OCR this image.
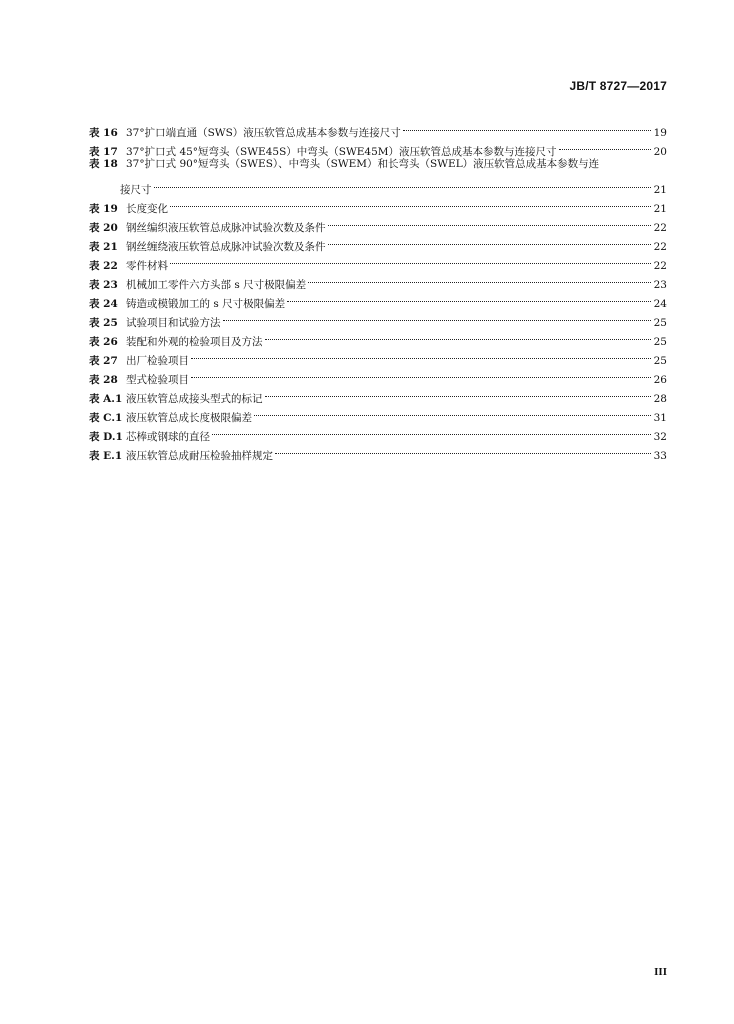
JB/T 8727—2017
表 16 37°扩口端直通（SWS）液压软管总成基本参数与连接尺寸	19
表 17 37°扩口式 45°短弯头（SWE45S）中弯头（SWE45M）液压软管总成基本参数与连接尺寸	20
表 18 37°扩口式 90°短弯头（SWES）、中弯头（SWEM）和长弯头（SWEL）液压软管总成基本参数与连
接尺寸	21
表 19 长度变化	21
表 20 钢丝编织液压软管总成脉冲试验次数及条件	22
表 21 钢丝缠绕液压软管总成脉冲试验次数及条件	22
表 22 零件材料	22
表 23 机械加工零件六方头部 s 尺寸极限偏差	23
表 24 铸造或模锻加工的 s 尺寸极限偏差	24
表 25 试验项目和试验方法	25
表 26 装配和外观的检验项目及方法	25
表 27 出厂检验项目	25
表 28 型式检验项目	26
表 A.1 液压软管总成接头型式的标记	28
表 C.1 液压软管总成长度极限偏差	31
表 D.1 芯棒或钢球的直径	32
表 E.1 液压软管总成耐压检验抽样规定	33
III
